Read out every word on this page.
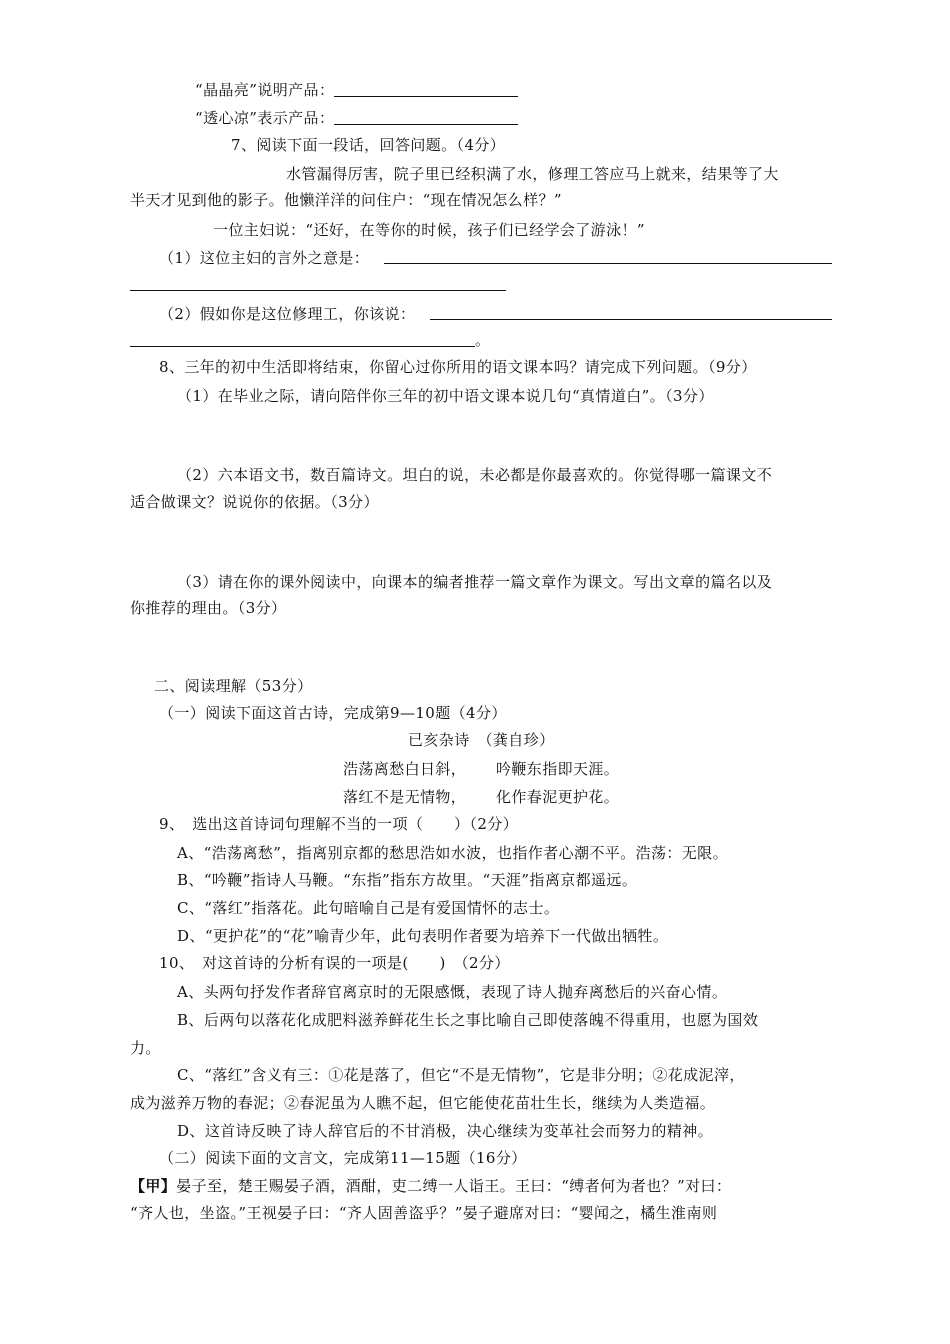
“晶晶亮”说明产品：
“透心凉”表示产品：
7、阅读下面一段话，回答问题。（4分）
水管漏得厉害，院子里已经积满了水，修理工答应马上就来，结果等了大
半天才见到他的影子。他懒洋洋的问住户：“现在情况怎么样？”
一位主妇说：“还好，在等你的时候，孩子们已经学会了游泳！”
（1）这位主妇的言外之意是：
（2）假如你是这位修理工，你该说：
。
8、三年的初中生活即将结束，你留心过你所用的语文课本吗？请完成下列问题。（9分）
（1）在毕业之际，请向陪伴你三年的初中语文课本说几句“真情道白”。（3分）
（2）六本语文书，数百篇诗文。坦白的说，未必都是你最喜欢的。你觉得哪一篇课文不
适合做课文？说说你的依据。（3分）
（3）请在你的课外阅读中，向课本的编者推荐一篇文章作为课文。写出文章的篇名以及
你推荐的理由。（3分）
二、阅读理解（53分）
（一）阅读下面这首古诗，完成第9—10题（4分）
已亥杂诗　（龚自珍）
浩荡离愁白日斜， 吟鞭东指即天涯。
落红不是无情物， 化作春泥更护花。
9、　选出这首诗词句理解不当的一项（　　）（2分）
A、“浩荡离愁”，指离别京都的愁思浩如水波，也指作者心潮不平。浩荡：无限。
B、“吟鞭”指诗人马鞭。“东指”指东方故里。“天涯”指离京都遥远。
C、“落红”指落花。此句暗喻自己是有爱国情怀的志士。
D、“更护花”的“花”喻青少年，此句表明作者要为培养下一代做出牺牲。
10、　对这首诗的分析有误的一项是(　　)　（2分）
A、头两句抒发作者辞官离京时的无限感慨，表现了诗人抛弃离愁后的兴奋心情。
B、后两句以落花化成肥料滋养鲜花生长之事比喻自己即使落魄不得重用，也愿为国效
力。
C、“落红”含义有三：①花是落了，但它“不是无情物”，它是非分明；②花成泥滓，
成为滋养万物的春泥；②春泥虽为人瞧不起，但它能使花苗壮生长，继续为人类造福。
D、这首诗反映了诗人辞官后的不甘消极，决心继续为变革社会而努力的精神。
（二）阅读下面的文言文，完成第11—15题（16分）
【甲】晏子至，楚王赐晏子酒，酒酣，吏二缚一人诣王。王曰：“缚者何为者也？”对曰：
“齐人也，坐盗。”王视晏子曰：“齐人固善盗乎？”晏子避席对曰：“婴闻之，橘生淮南则
